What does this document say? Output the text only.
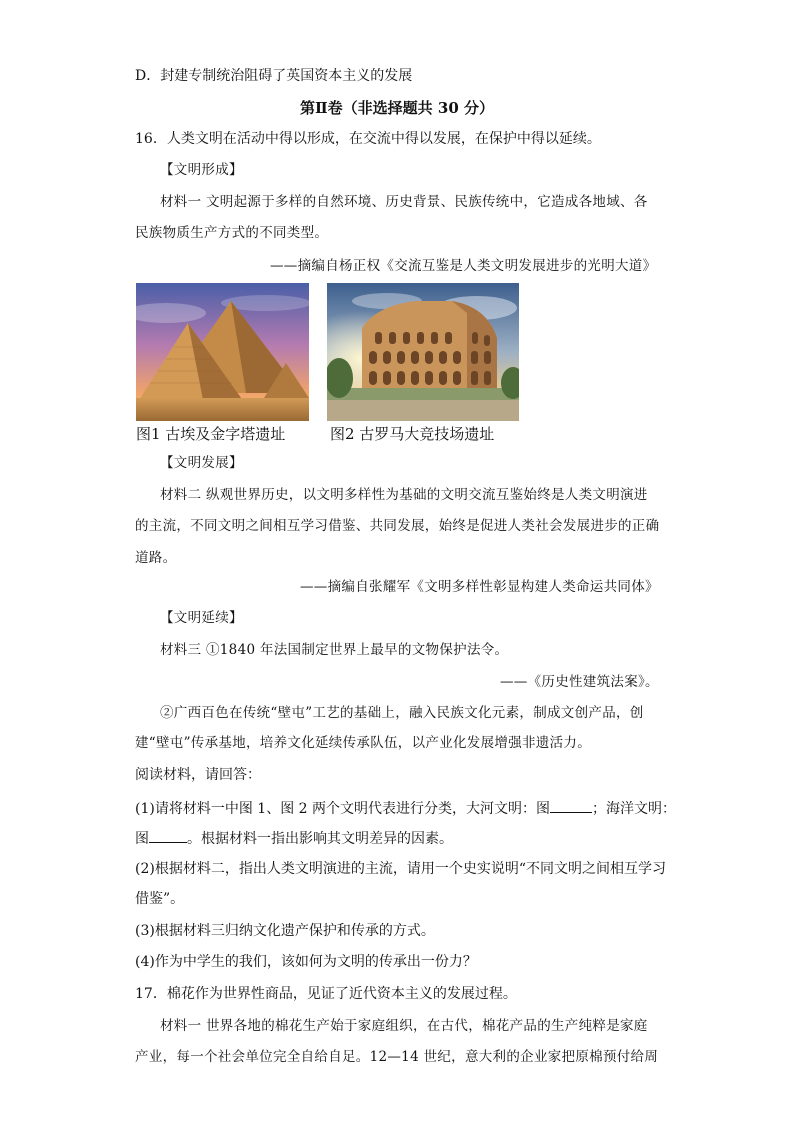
D．封建专制统治阻碍了英国资本主义的发展
第Ⅱ卷（非选择题共 30 分）
16．人类文明在活动中得以形成，在交流中得以发展，在保护中得以延续。
【文明形成】
材料一 文明起源于多样的自然环境、历史背景、民族传统中，它造成各地域、各
民族物质生产方式的不同类型。
——摘编自杨正权《交流互鉴是人类文明发展进步的光明大道》
图1 古埃及金字塔遗址	图2 古罗马大竞技场遗址
【文明发展】
材料二 纵观世界历史，以文明多样性为基础的文明交流互鉴始终是人类文明演进
的主流，不同文明之间相互学习借鉴、共同发展，始终是促进人类社会发展进步的正确
道路。
——摘编自张耀军《文明多样性彰显构建人类命运共同体》
【文明延续】
材料三 ①1840 年法国制定世界上最早的文物保护法令。
——《历史性建筑法案》。
②广西百色在传统“壁屯”工艺的基础上，融入民族文化元素，制成文创产品，创
建“壁屯”传承基地，培养文化延续传承队伍，以产业化发展增强非遗活力。
阅读材料，请回答：
(1)请将材料一中图 1、图 2 两个文明代表进行分类，大河文明：图	；海洋文明：
图	。根据材料一指出影响其文明差异的因素。
(2)根据材料二，指出人类文明演进的主流，请用一个史实说明“不同文明之间相互学习
借鉴”。
(3)根据材料三归纳文化遗产保护和传承的方式。
(4)作为中学生的我们，该如何为文明的传承出一份力？
17．棉花作为世界性商品，见证了近代资本主义的发展过程。
材料一 世界各地的棉花生产始于家庭组织，在古代，棉花产品的生产纯粹是家庭
产业，每一个社会单位完全自给自足。12—14 世纪，意大利的企业家把原棉预付给周
